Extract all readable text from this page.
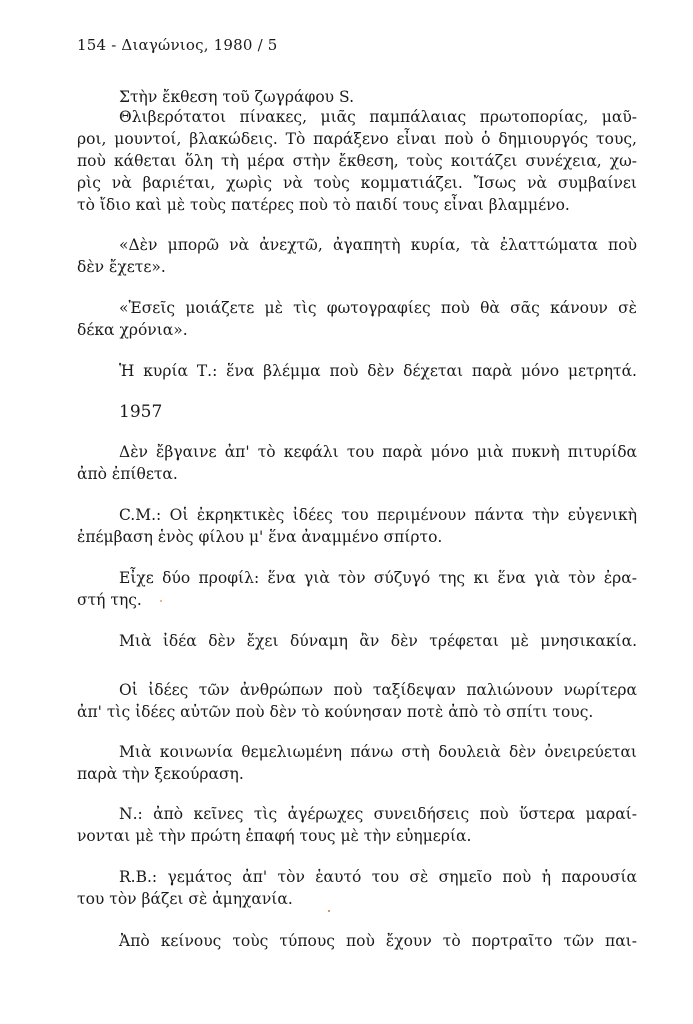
154 - Διαγώνιος, 1980 / 5
Στὴν ἔκθεση τοῦ ζωγράφου S.
Θλιβερότατοι πίνακες, μιᾶς παμπάλαιας πρωτοπορίας, μαῦ-
ροι, μουντοί, βλακώδεις. Τὸ παράξενο εἶναι ποὺ ὁ δημιουργός τους,
ποὺ κάθεται ὅλη τὴ μέρα στὴν ἔκθεση, τοὺς κοιτάζει συνέχεια, χω-
ρὶς νὰ βαριέται, χωρὶς νὰ τοὺς κομματιάζει. Ἴσως νὰ συμβαίνει
τὸ ἴδιο καὶ μὲ τοὺς πατέρες ποὺ τὸ παιδί τους εἶναι βλαμμένο.
«Δὲν μπορῶ νὰ ἀνεχτῶ, ἀγαπητὴ κυρία, τὰ ἐλαττώματα ποὺ
δὲν ἔχετε».
«Ἐσεῖς μοιάζετε μὲ τὶς φωτογραφίες ποὺ θὰ σᾶς κάνουν σὲ
δέκα χρόνια».
Ἡ κυρία Τ.: ἕνα βλέμμα ποὺ δὲν δέχεται παρὰ μόνο μετρητά.
1957
Δὲν ἔβγαινε ἀπ' τὸ κεφάλι του παρὰ μόνο μιὰ πυκνὴ πιτυρίδα
ἀπὸ ἐπίθετα.
C.M.: Οἱ ἐκρηκτικὲς ἰδέες του περιμένουν πάντα τὴν εὐγενικὴ
ἐπέμβαση ἑνὸς φίλου μ' ἕνα ἀναμμένο σπίρτο.
Εἶχε δύο προφίλ: ἕνα γιὰ τὸν σύζυγό της κι ἕνα γιὰ τὸν ἐρα-
στή της.
Μιὰ ἰδέα δὲν ἔχει δύναμη ἂν δὲν τρέφεται μὲ μνησικακία.
Οἱ ἰδέες τῶν ἀνθρώπων ποὺ ταξίδεψαν παλιώνουν νωρίτερα
ἀπ' τὶς ἰδέες αὐτῶν ποὺ δὲν τὸ κούνησαν ποτὲ ἀπὸ τὸ σπίτι τους.
Μιὰ κοινωνία θεμελιωμένη πάνω στὴ δουλειὰ δὲν ὀνειρεύεται
παρὰ τὴν ξεκούραση.
Ν.: ἀπὸ κεῖνες τὶς ἀγέρωχες συνειδήσεις ποὺ ὕστερα μαραί-
νονται μὲ τὴν πρώτη ἐπαφή τους μὲ τὴν εὐημερία.
R.B.: γεμάτος ἀπ' τὸν ἑαυτό του σὲ σημεῖο ποὺ ἡ παρουσία
του τὸν βάζει σὲ ἀμηχανία.
Ἀπὸ κείνους τοὺς τύπους ποὺ ἔχουν τὸ πορτραῖτο τῶν παι-
